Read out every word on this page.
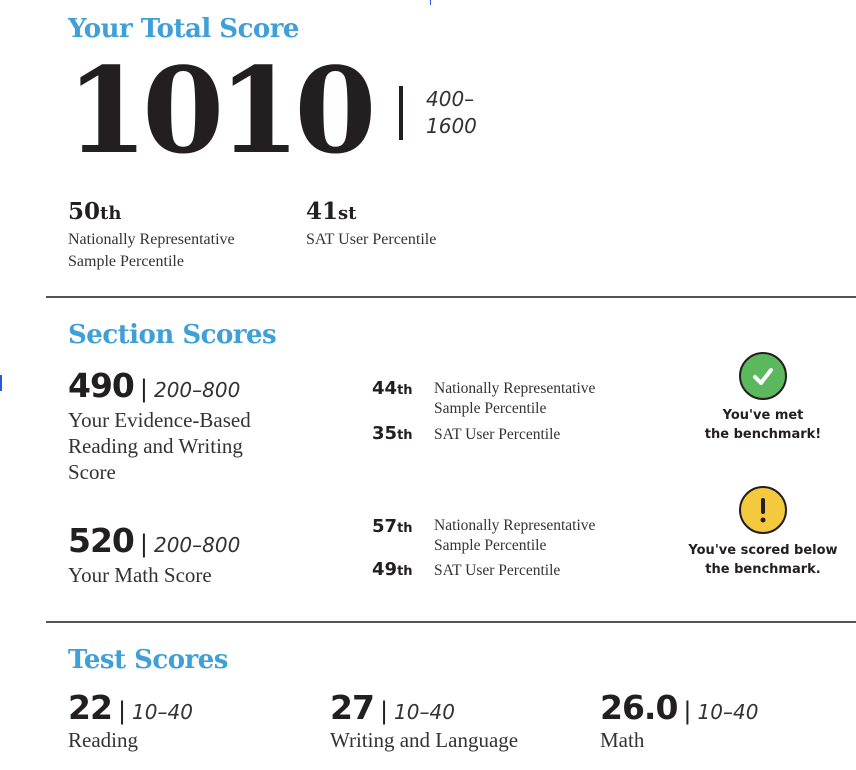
Your Total Score
1010	400–
1600
50th
Nationally Representative
Sample Percentile
41st
SAT User Percentile
Section Scores
490 | 200–800
Your Evidence-Based
Reading and Writing
Score
44th Nationally Representative
Sample Percentile
35th SAT User Percentile
You've met
the benchmark!
520 | 200–800
Your Math Score
57th Nationally Representative
Sample Percentile
49th SAT User Percentile
You've scored below
the benchmark.
Test Scores
22 | 10–40
Reading
27 | 10–40
Writing and Language
26.0 | 10–40
Math
